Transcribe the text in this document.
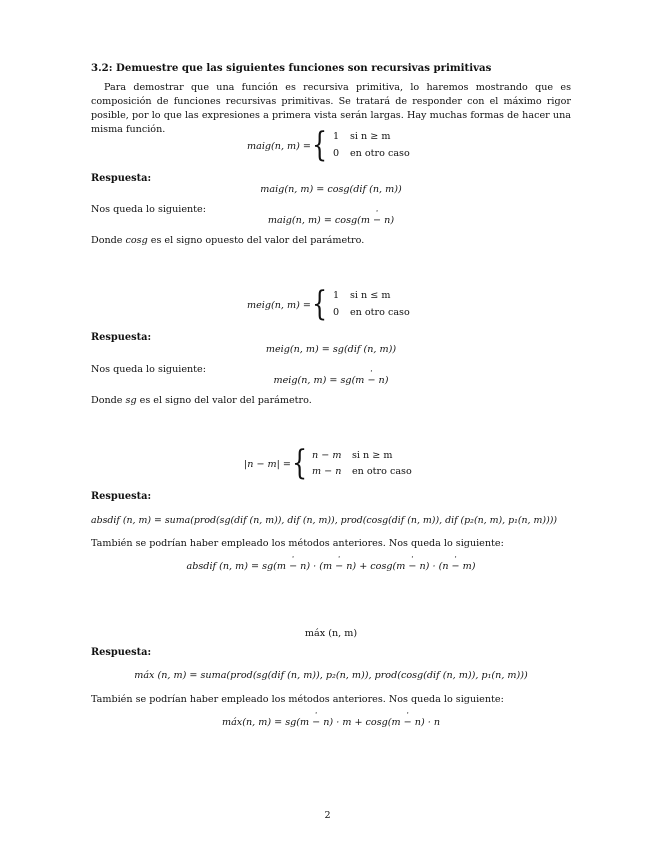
3.2: Demuestre que las siguientes funciones son recursivas primitivas
Para demostrar que una función es recursiva primitiva, lo haremos mostrando que es composición de funciones recursivas primitivas. Se tratará de responder con el máximo rigor posible, por lo que las expresiones a primera vista serán largas. Hay muchas formas de hacer una misma función.
maig(n, m) = { 1 si n ≥ m
0 en otro caso
Respuesta:
maig(n, m) = cosg(dif (n, m))
Nos queda lo siguiente:
maig(n, m) = cosg(m · − n)
Donde cosg es el signo opuesto del valor del parámetro.
meig(n, m) = { 1 si n ≤ m
0 en otro caso
Respuesta:
meig(n, m) = sg(dif (n, m))
Nos queda lo siguiente:
meig(n, m) = sg(m · − n)
Donde sg es el signo del valor del parámetro.
|n − m| = { n − m si n ≥ m
m − n en otro caso
Respuesta:
absdif (n, m) = suma(prod(sg(dif (n, m)), dif (n, m)), prod(cosg(dif (n, m)), dif (p₂(n, m), p₁(n, m))))
También se podrían haber empleado los métodos anteriores. Nos queda lo siguiente:
absdif (n, m) = sg(m · − n) · (m · − n) + cosg(m · − n) · (n · − m)
máx (n, m)
Respuesta:
máx (n, m) = suma(prod(sg(dif (n, m)), p₂(n, m)), prod(cosg(dif (n, m)), p₁(n, m)))
También se podrían haber empleado los métodos anteriores. Nos queda lo siguiente:
máx(n, m) = sg(m · − n) · m + cosg(m · − n) · n
2
